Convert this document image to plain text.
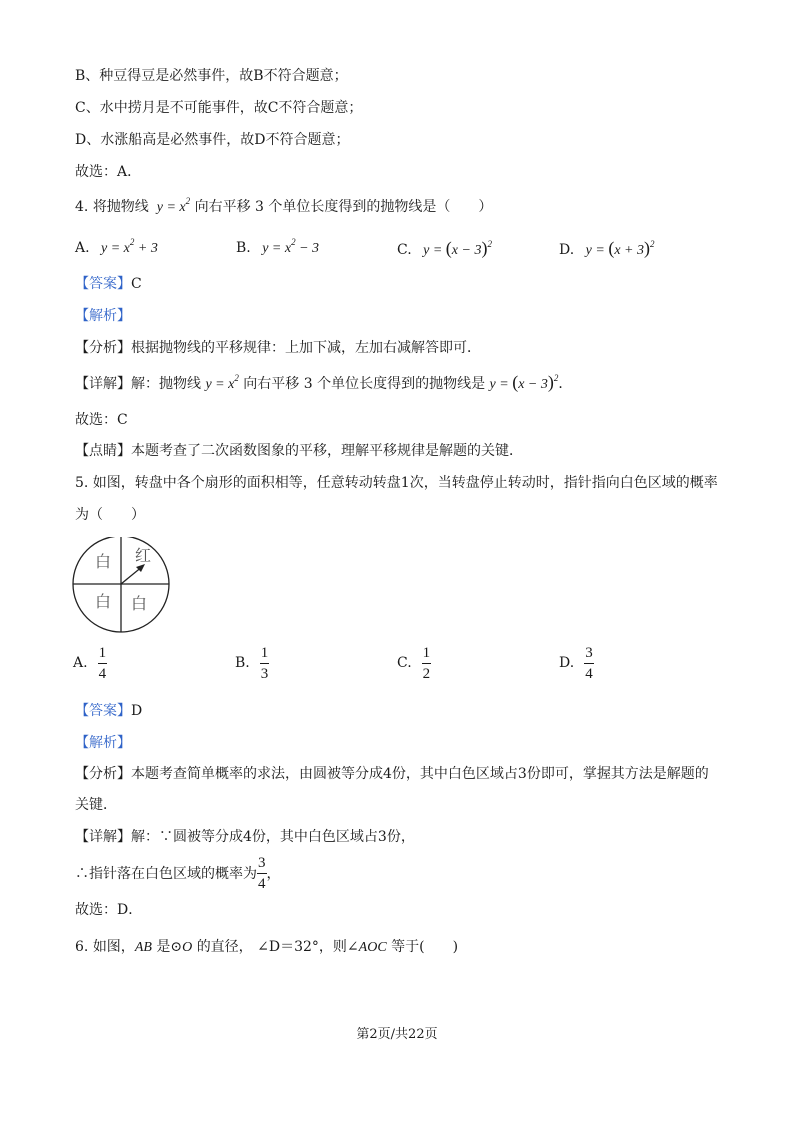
B、种豆得豆是必然事件，故B不符合题意；
C、水中捞月是不可能事件，故C不符合题意；
D、水涨船高是必然事件，故D不符合题意；
故选：A．
4. 将抛物线  $y = x^2$ 向右平移 3 个单位长度得到的抛物线是（　　）
A.   $y = x^2 + 3$	B.   $y = x^2 - 3$	C.   $y = (x - 3)^2$	D.   $y = (x + 3)^2$
【答案】C
【解析】
【分析】根据抛物线的平移规律：上加下减，左加右减解答即可．
【详解】解：抛物线 $y = x^2$ 向右平移 3 个单位长度得到的抛物线是 $y = (x - 3)^2$．
故选：C
【点睛】本题考查了二次函数图象的平移，理解平移规律是解题的关键．
5. 如图，转盘中各个扇形的面积相等，任意转动转盘1次，当转盘停止转动时，指针指向白色区域的概率
为（　　）
白 红
白 白
A. $\frac{1}{4}$	B. $\frac{1}{3}$	C. $\frac{1}{2}$	D. $\frac{3}{4}$
【答案】D
【解析】
【分析】本题考查简单概率的求法，由圆被等分成4份，其中白色区域占3份即可，掌握其方法是解题的
关键．
【详解】解：∵圆被等分成4份，其中白色区域占3份，
∴指针落在白色区域的概率为 $\frac{3}{4}$ ，
故选：D．
6. 如图，AB 是⊙O 的直径， ∠D＝32°，则∠AOC 等于(　　)
第2页/共22页
